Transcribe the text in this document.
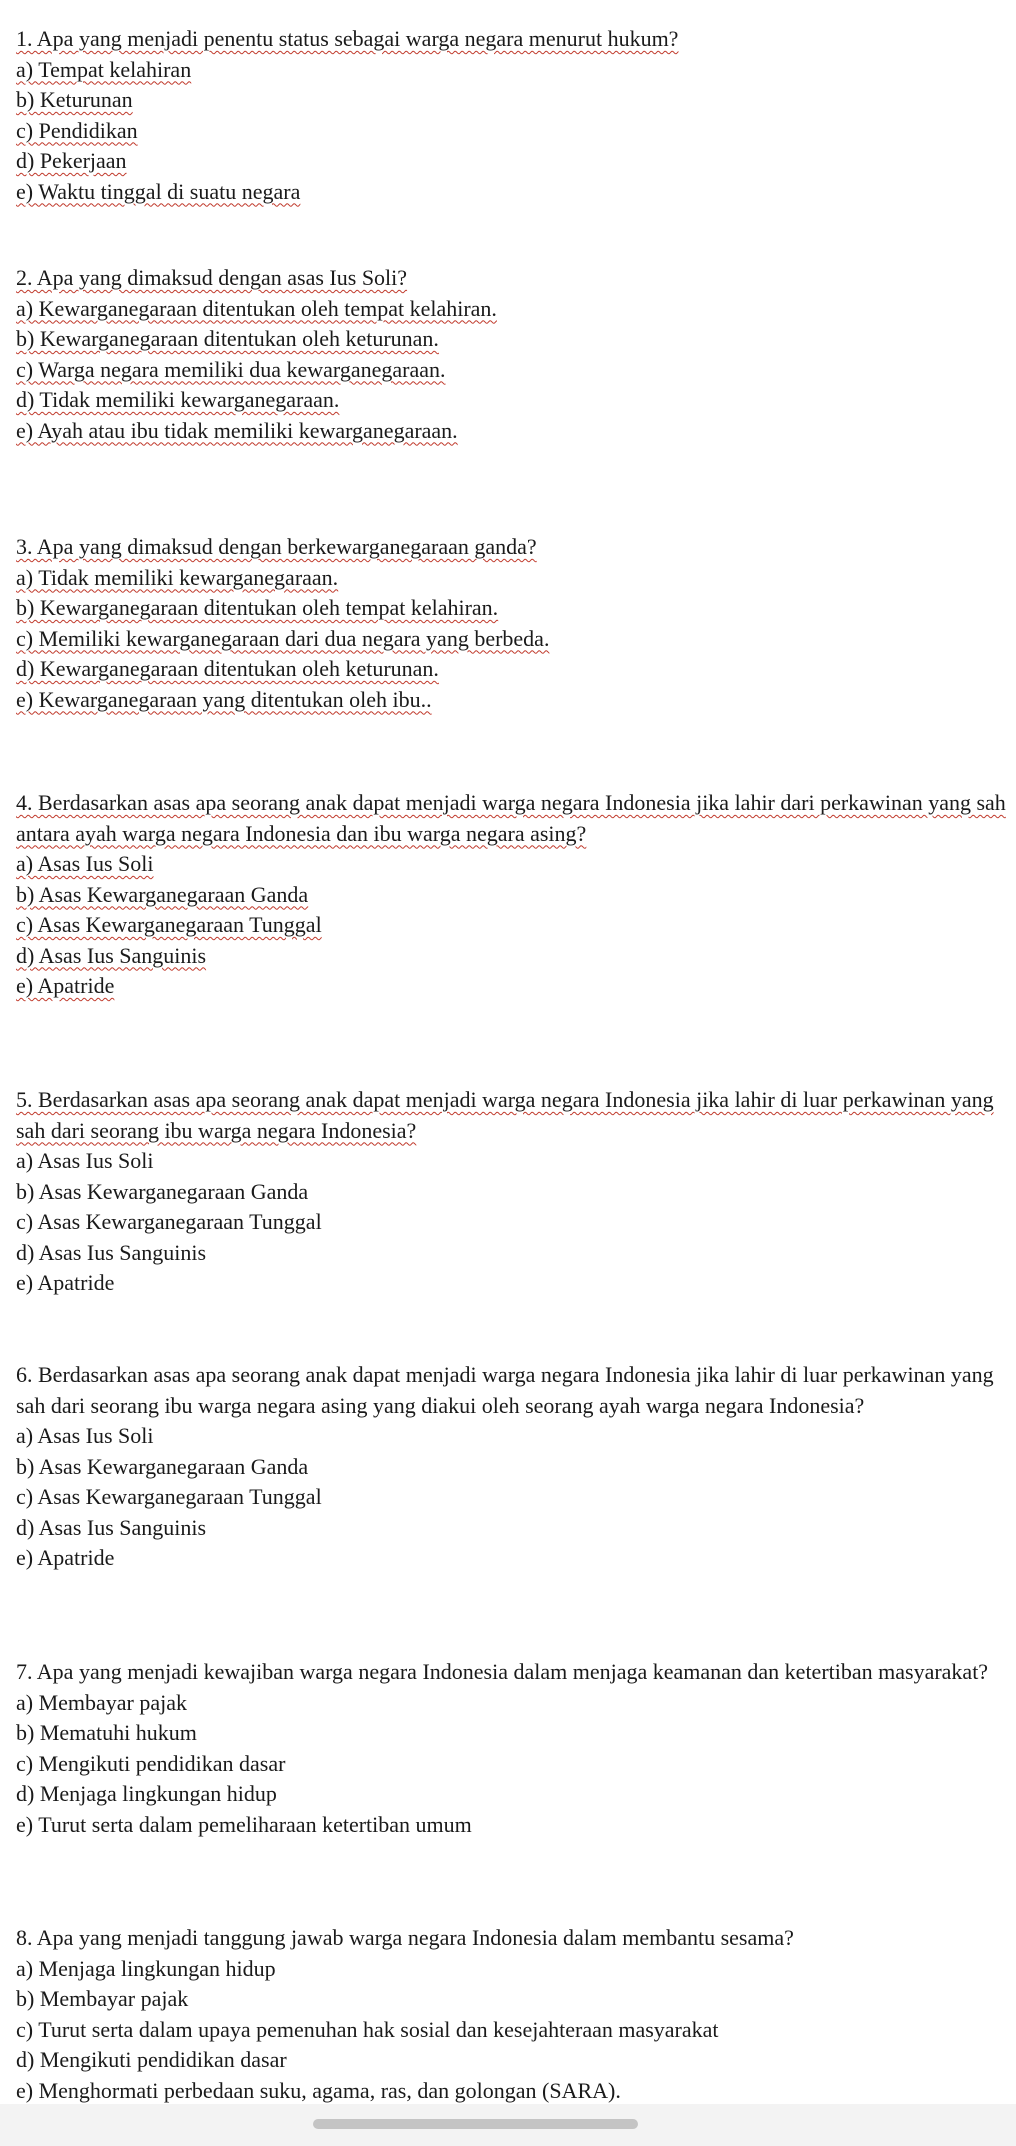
1. Apa yang menjadi penentu status sebagai warga negara menurut hukum?

a) Tempat kelahiran

b) Keturunan

c) Pendidikan

d) Pekerjaan

e) Waktu tinggal di suatu negara

2. Apa yang dimaksud dengan asas Ius Soli?

a) Kewarganegaraan ditentukan oleh tempat kelahiran.

b) Kewarganegaraan ditentukan oleh keturunan.

c) Warga negara memiliki dua kewarganegaraan.

d) Tidak memiliki kewarganegaraan.

e) Ayah atau ibu tidak memiliki kewarganegaraan.

3. Apa yang dimaksud dengan berkewarganegaraan ganda?

a) Tidak memiliki kewarganegaraan.

b) Kewarganegaraan ditentukan oleh tempat kelahiran.

c) Memiliki kewarganegaraan dari dua negara yang berbeda.

d) Kewarganegaraan ditentukan oleh keturunan.

e) Kewarganegaraan yang ditentukan oleh ibu..

4. Berdasarkan asas apa seorang anak dapat menjadi warga negara Indonesia jika lahir dari perkawinan yang sah antara ayah warga negara Indonesia dan ibu warga negara asing?

a) Asas Ius Soli

b) Asas Kewarganegaraan Ganda

c) Asas Kewarganegaraan Tunggal

d) Asas Ius Sanguinis

e) Apatride

5. Berdasarkan asas apa seorang anak dapat menjadi warga negara Indonesia jika lahir di luar perkawinan yang sah dari seorang ibu warga negara Indonesia?

a) Asas Ius Soli

b) Asas Kewarganegaraan Ganda

c) Asas Kewarganegaraan Tunggal

d) Asas Ius Sanguinis

e) Apatride

6. Berdasarkan asas apa seorang anak dapat menjadi warga negara Indonesia jika lahir di luar perkawinan yang sah dari seorang ibu warga negara asing yang diakui oleh seorang ayah warga negara Indonesia?

a) Asas Ius Soli

b) Asas Kewarganegaraan Ganda

c) Asas Kewarganegaraan Tunggal

d) Asas Ius Sanguinis

e) Apatride

7. Apa yang menjadi kewajiban warga negara Indonesia dalam menjaga keamanan dan ketertiban masyarakat?

a) Membayar pajak

b) Mematuhi hukum

c) Mengikuti pendidikan dasar

d) Menjaga lingkungan hidup

e) Turut serta dalam pemeliharaan ketertiban umum

8. Apa yang menjadi tanggung jawab warga negara Indonesia dalam membantu sesama?

a) Menjaga lingkungan hidup

b) Membayar pajak

c) Turut serta dalam upaya pemenuhan hak sosial dan kesejahteraan masyarakat

d) Mengikuti pendidikan dasar

e) Menghormati perbedaan suku, agama, ras, dan golongan (SARA).
